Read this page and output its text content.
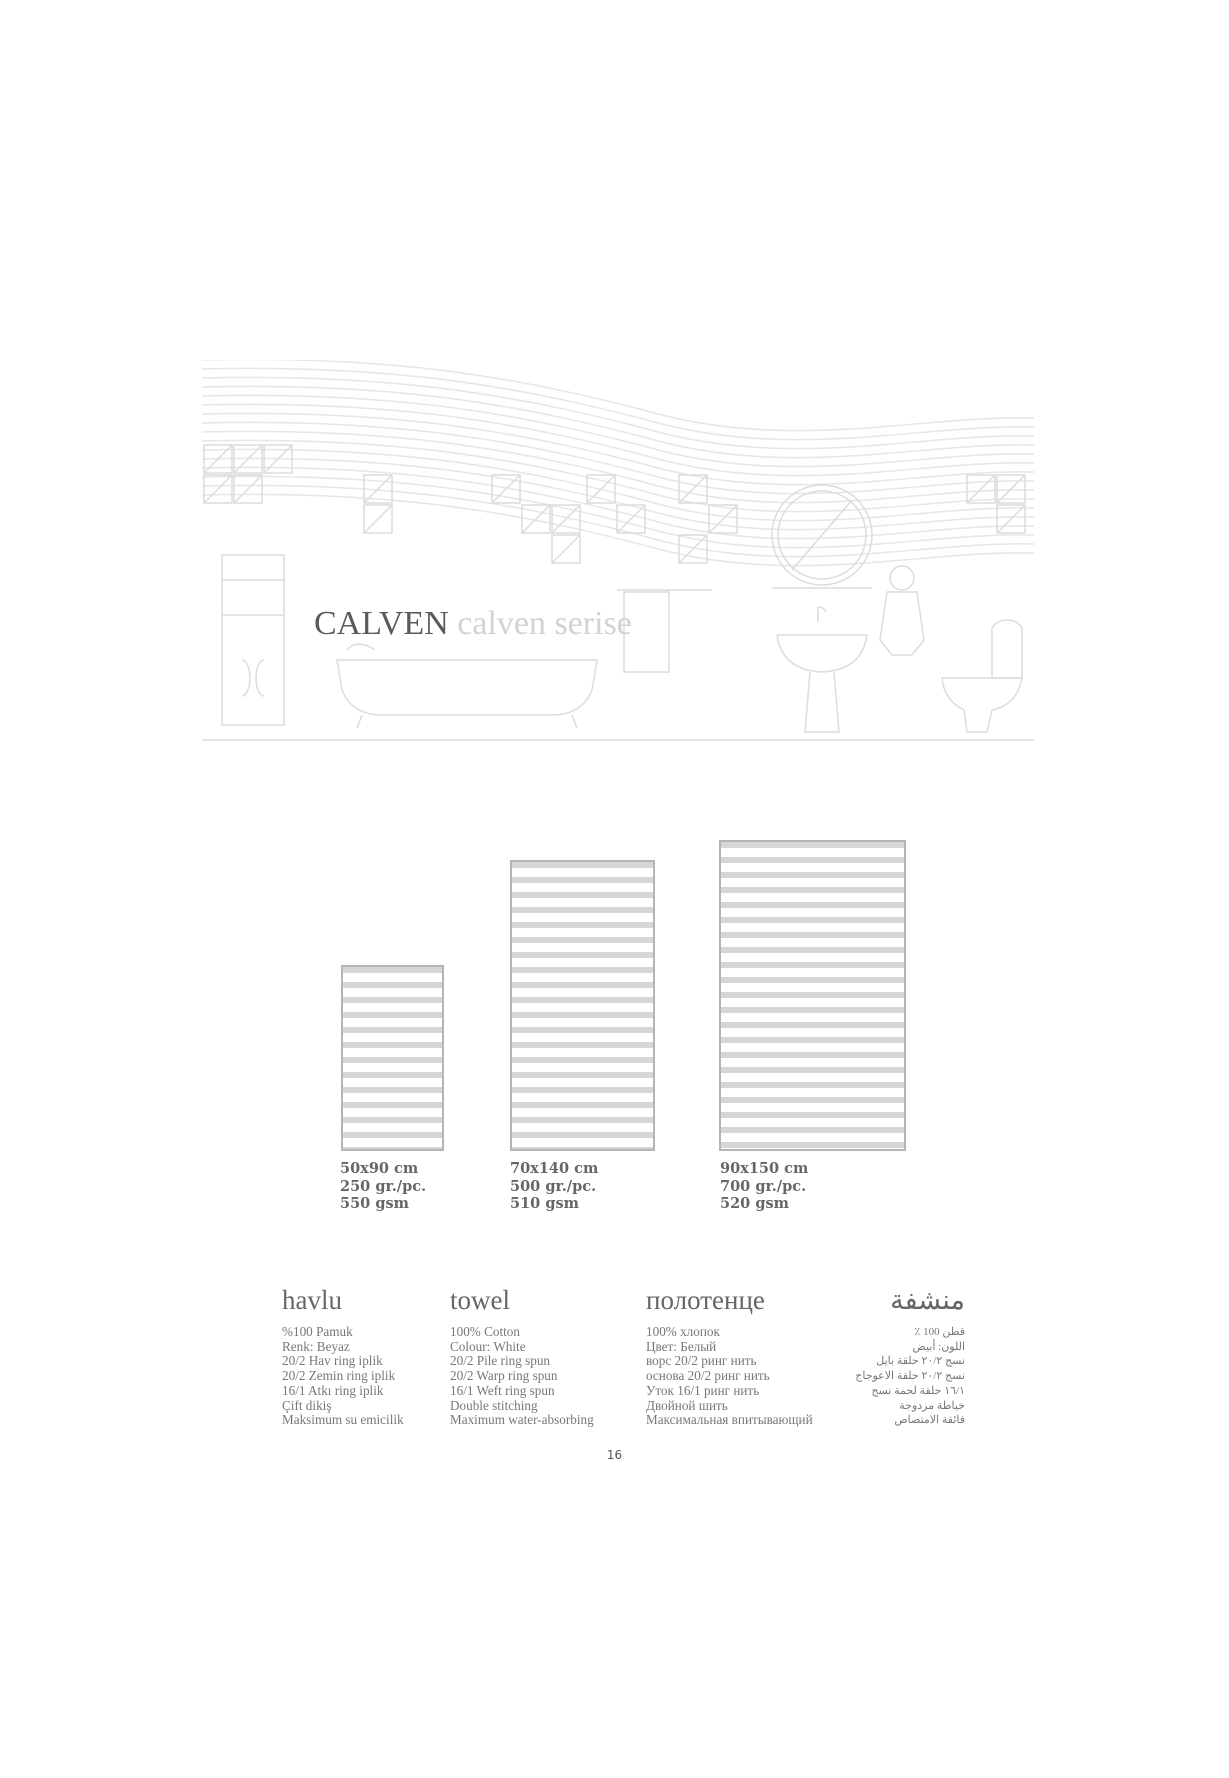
CALVEN calven serise
50x90 cm
250 gr./pc.
550 gsm
70x140 cm
500 gr./pc.
510 gsm
90x150 cm
700 gr./pc.
520 gsm
havlu
%100 Pamuk
Renk: Beyaz
20/2 Hav ring iplik
20/2 Zemin ring iplik
16/1 Atkı ring iplik
Çift dikiş
Maksimum su emicilik
towel
100% Cotton
Colour: White
20/2 Pile ring spun
20/2 Warp ring spun
16/1 Weft ring spun
Double stitching
Maximum water-absorbing
полотенце
100% хлопок
Цвет: Белый
ворс 20/2 ринг нить
основа 20/2 ринг нить
Уток 16/1 ринг нить
Двойной шить
Максимальная впитывающий
منشفة
قطن 100 ٪
اللون: أبيض
نسج ٢٠/٢ حلقة بايل
نسج ٢٠/٢ حلقة الاعوجاج
١٦/١ حلقة لحمة نسج
خياطة مزدوجة
فائقة الامتصاص
16
